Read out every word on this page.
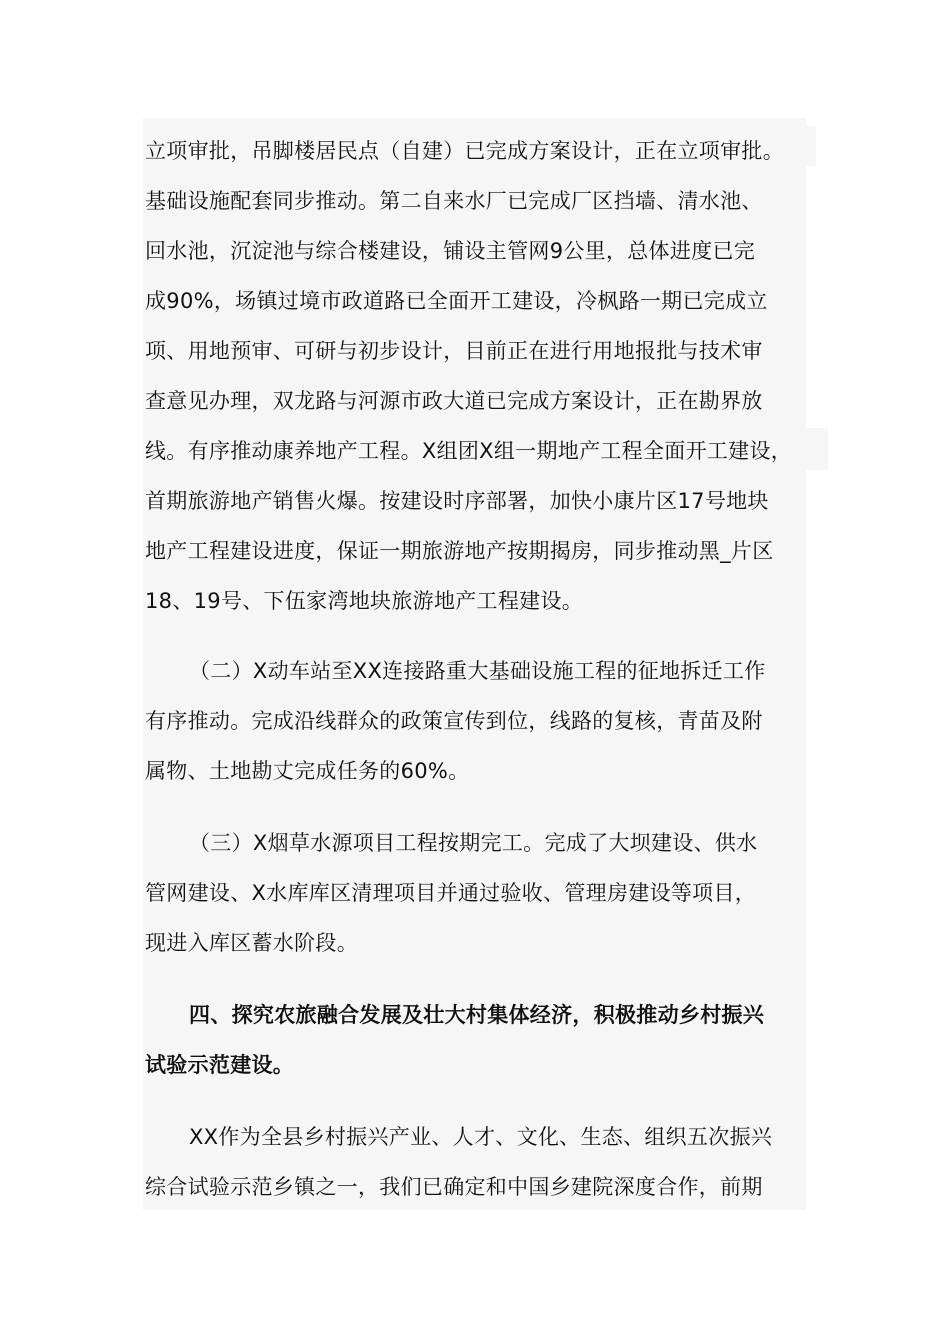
立项审批，吊脚楼居民点（自建）已完成方案设计，正在立项审批。
基础设施配套同步推动。第二自来水厂已完成厂区挡墙、清水池、
回水池，沉淀池与综合楼建设，铺设主管网9公里，总体进度已完
成90%，场镇过境市政道路已全面开工建设，冷枫路一期已完成立
项、用地预审、可研与初步设计，目前正在进行用地报批与技术审
查意见办理，双龙路与河源市政大道已完成方案设计，正在勘界放
线。有序推动康养地产工程。X组团X组一期地产工程全面开工建设，
首期旅游地产销售火爆。按建设时序部署，加快小康片区17号地块
地产工程建设进度，保证一期旅游地产按期揭房，同步推动黑_片区
18、19号、下伍家湾地块旅游地产工程建设。
（二）X动车站至XX连接路重大基础设施工程的征地拆迁工作
有序推动。完成沿线群众的政策宣传到位，线路的复核，青苗及附
属物、土地勘丈完成任务的60%。
（三）X烟草水源项目工程按期完工。完成了大坝建设、供水
管网建设、X水库库区清理项目并通过验收、管理房建设等项目，
现进入库区蓄水阶段。
四、探究农旅融合发展及壮大村集体经济，积极推动乡村振兴
试验示范建设。
XX作为全县乡村振兴产业、人才、文化、生态、组织五次振兴
综合试验示范乡镇之一，我们已确定和中国乡建院深度合作，前期
